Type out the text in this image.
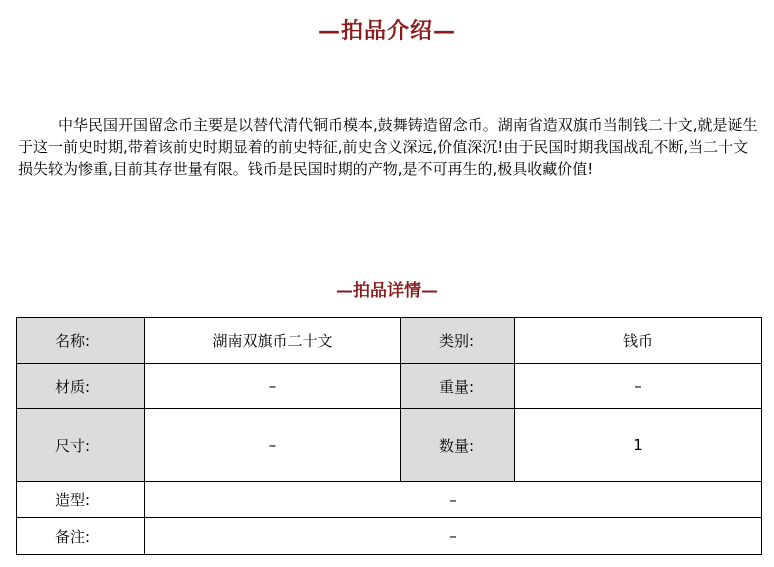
—拍品介绍—

中华民国开国留念币主要是以替代清代铜币模本,鼓舞铸造留念币。湖南省造双旗币当制钱二十文,就是诞生于这一前史时期,带着该前史时期显着的前史特征,前史含义深远,价值深沉!由于民国时期我国战乱不断,当二十文损失较为惨重,目前其存世量有限。钱币是民国时期的产物,是不可再生的,极具收藏价值!

—拍品详情—
名称:	湖南双旗币二十文	类别:	钱币
材质:	–	重量:	–
尺寸:	–	数量:	1
造型:	–		
备注:	–		
